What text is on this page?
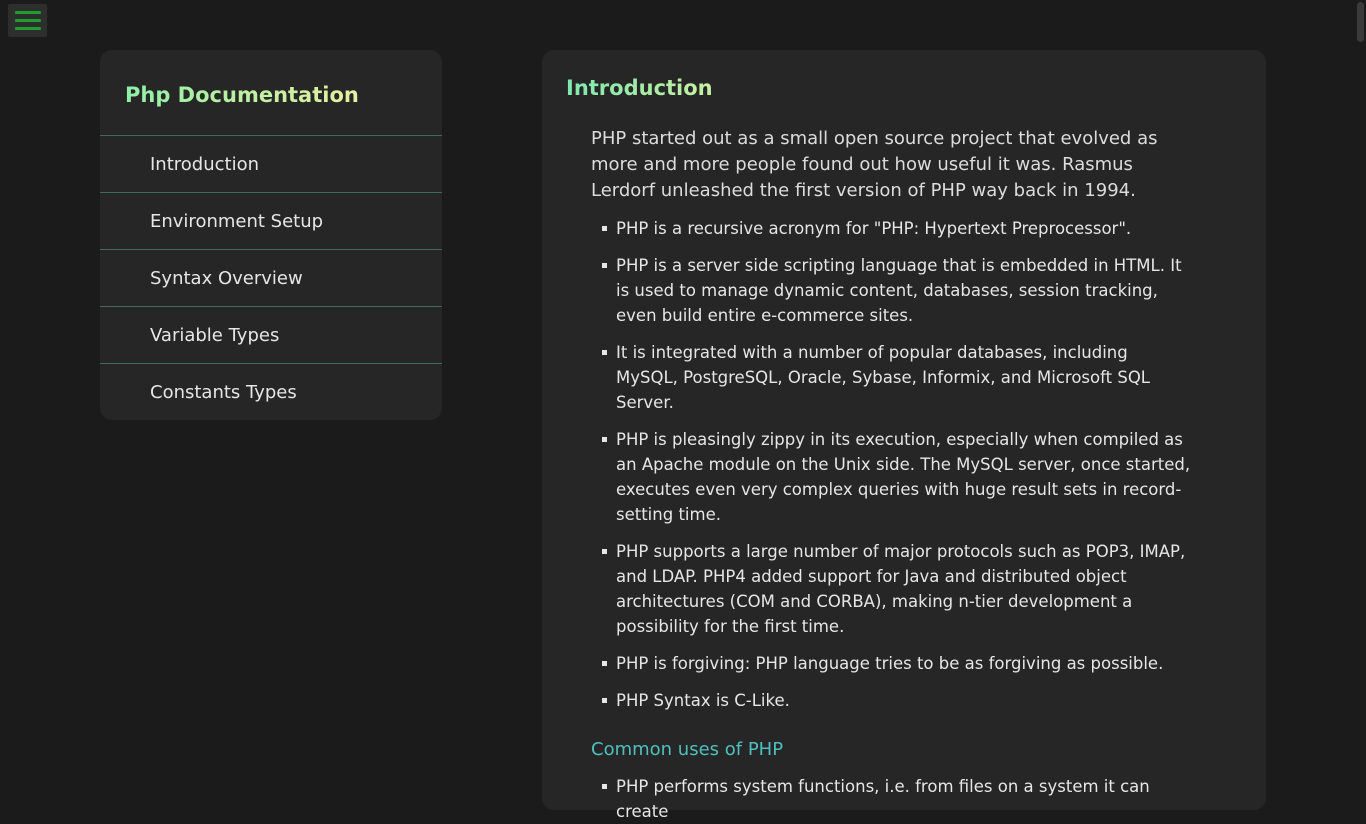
Php Documentation
Introduction
Environment Setup
Syntax Overview
Variable Types
Constants Types
Introduction

PHP started out as a small open source project that evolved as more and more people found out how useful it was. Rasmus Lerdorf unleashed the first version of PHP way back in 1994.

PHP is a recursive acronym for "PHP: Hypertext Preprocessor".
PHP is a server side scripting language that is embedded in HTML. It is used to manage dynamic content, databases, session tracking, even build entire e-commerce sites.
It is integrated with a number of popular databases, including MySQL, PostgreSQL, Oracle, Sybase, Informix, and Microsoft SQL Server.
PHP is pleasingly zippy in its execution, especially when compiled as an Apache module on the Unix side. The MySQL server, once started, executes even very complex queries with huge result sets in record-setting time.
PHP supports a large number of major protocols such as POP3, IMAP, and LDAP. PHP4 added support for Java and distributed object architectures (COM and CORBA), making n-tier development a possibility for the first time.
PHP is forgiving: PHP language tries to be as forgiving as possible.
PHP Syntax is C-Like.
Common uses of PHP
PHP performs system functions, i.e. from files on a system it can create
